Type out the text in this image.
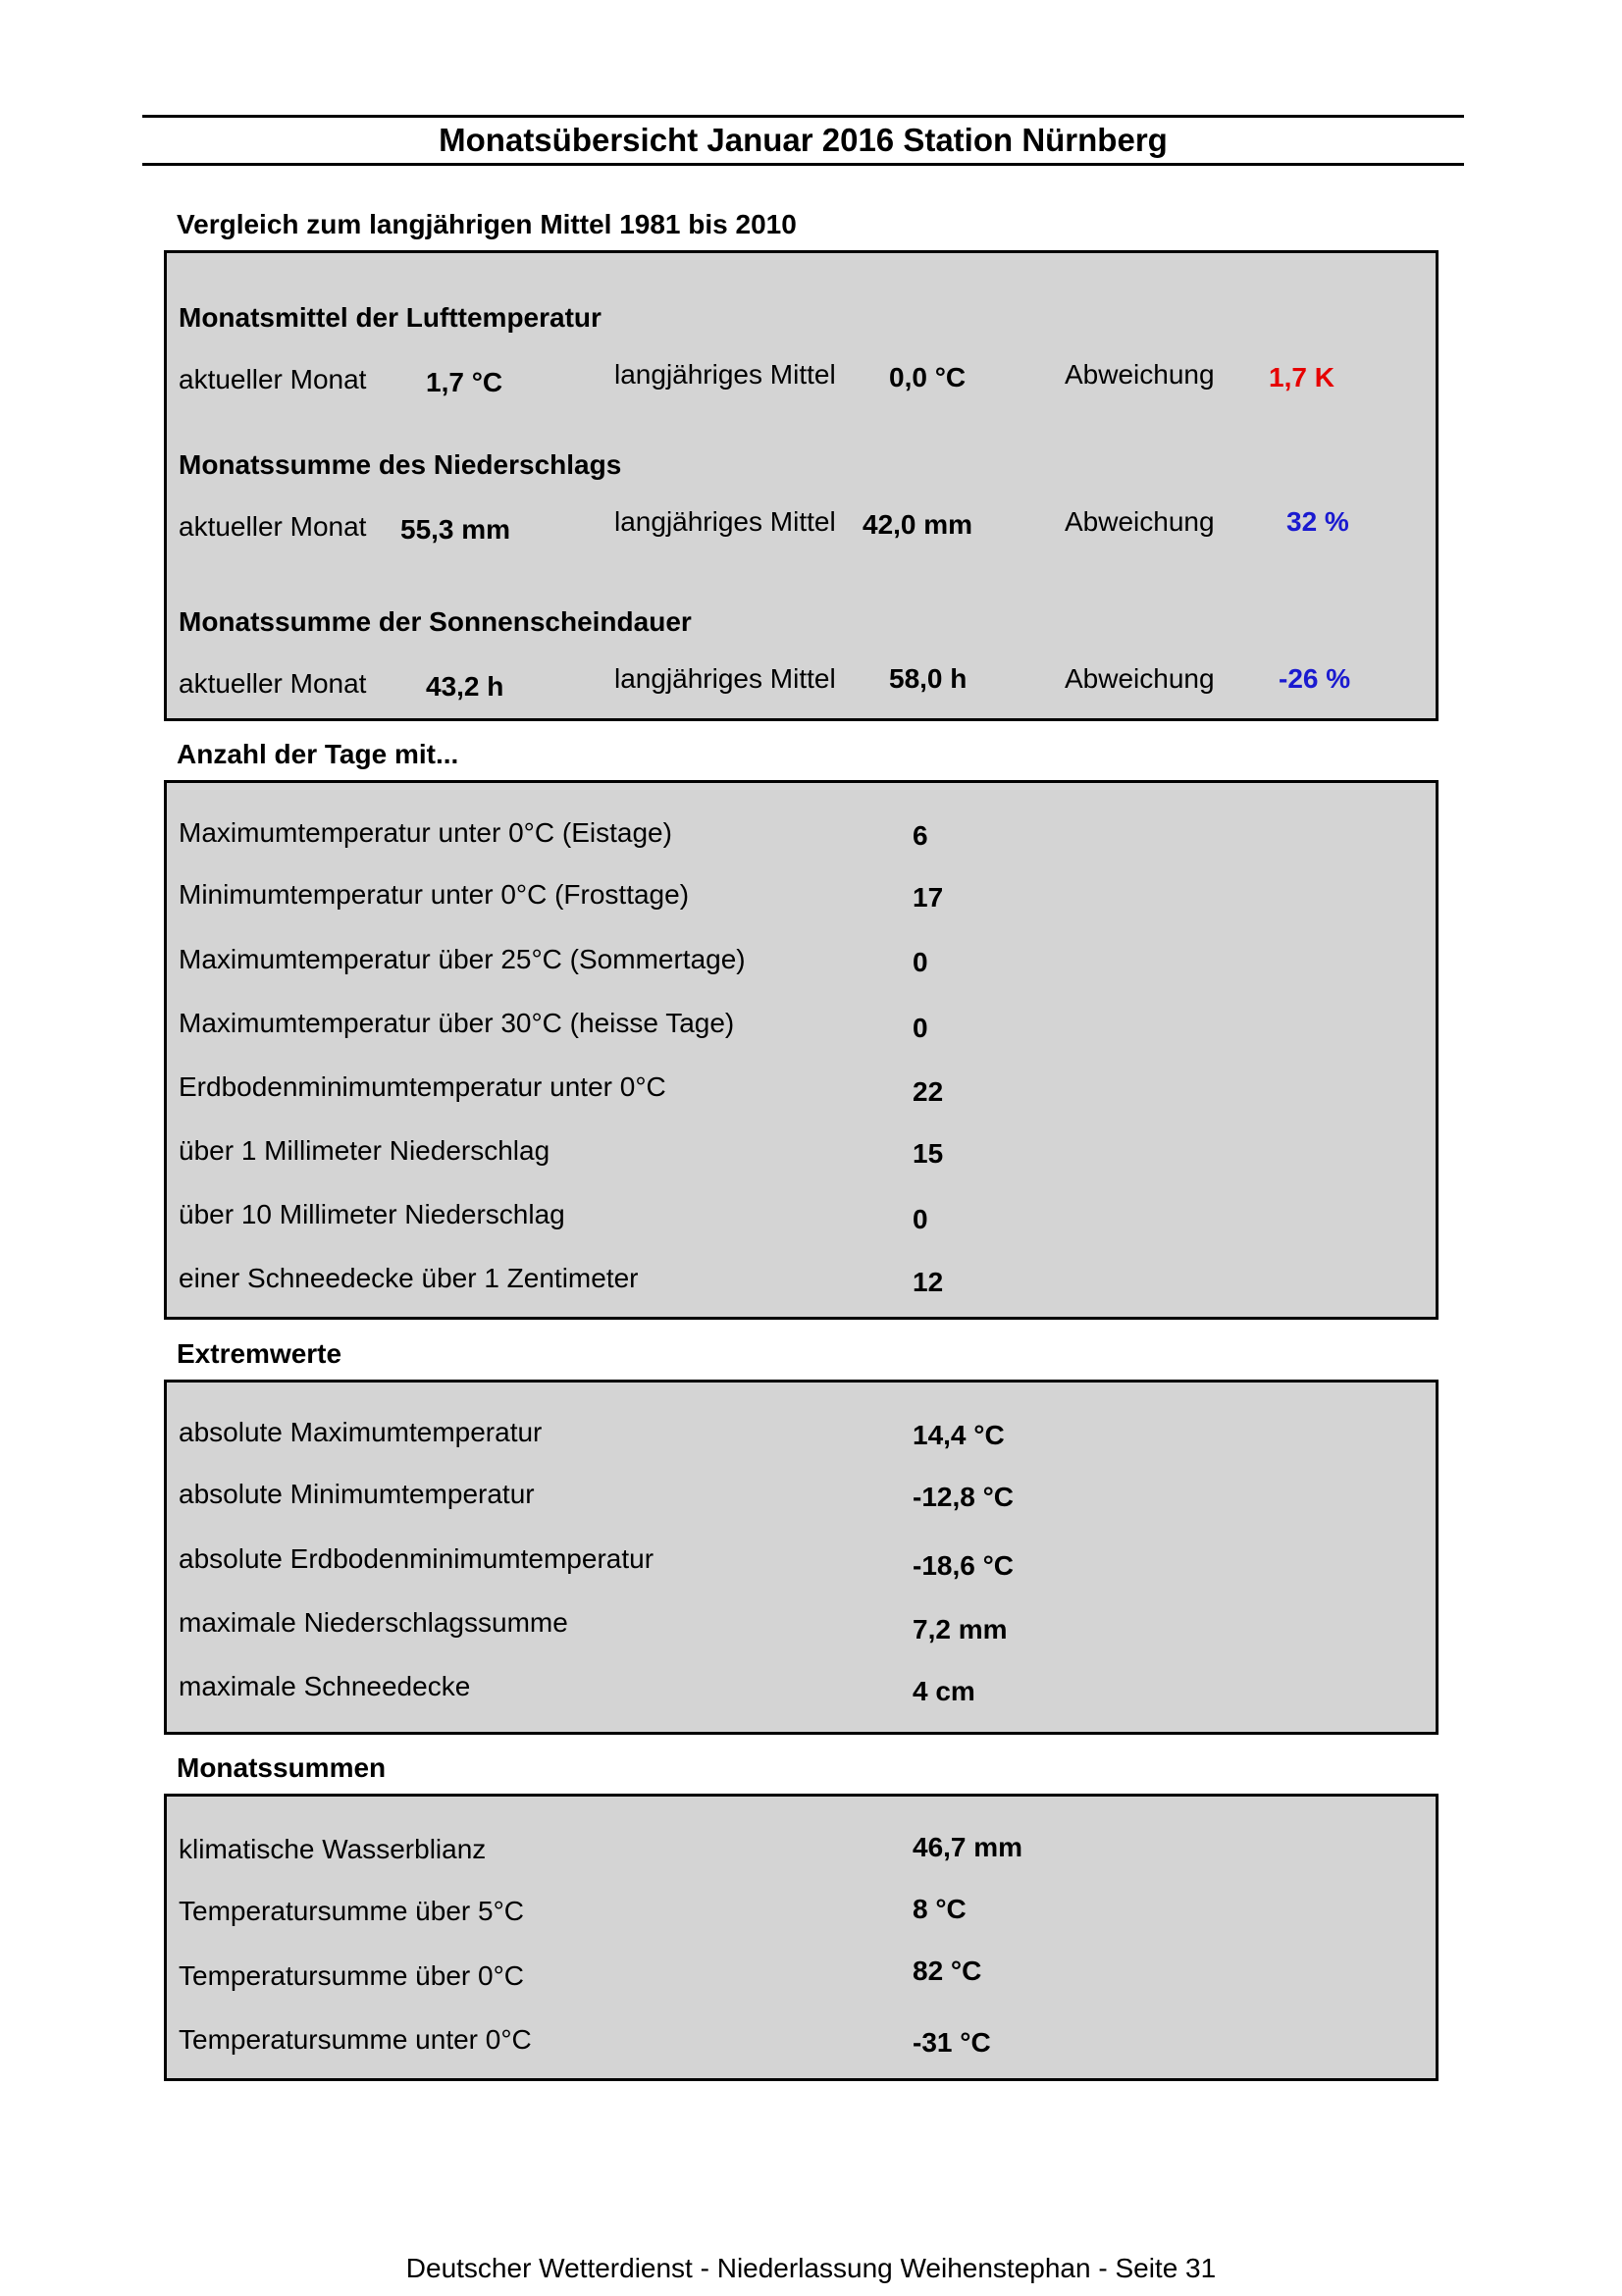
Monatsübersicht Januar 2016 Station Nürnberg
Vergleich zum langjährigen Mittel 1981 bis 2010
Monatsmittel der Lufttemperatur
aktueller Monat 1,7 °C	langjähriges Mittel 0,0 °C	Abweichung 1,7 K
Monatssumme des Niederschlags
aktueller Monat 55,3 mm	langjähriges Mittel 42,0 mm	Abweichung	32 %
Monatssumme der Sonnenscheindauer
aktueller Monat 43,2 h	langjähriges Mittel 58,0 h	Abweichung -26 %
Anzahl der Tage mit...
Maximumtemperatur unter 0°C (Eistage)	6
Minimumtemperatur unter 0°C (Frosttage)	17
Maximumtemperatur über 25°C (Sommertage)	0
Maximumtemperatur über 30°C (heisse Tage)	0
Erdbodenminimumtemperatur unter 0°C	22
über 1 Millimeter Niederschlag	15
über 10 Millimeter Niederschlag	0
einer Schneedecke über 1 Zentimeter	12
Extremwerte
absolute Maximumtemperatur	14,4 °C
absolute Minimumtemperatur	-12,8 °C
absolute Erdbodenminimumtemperatur	-18,6 °C
maximale Niederschlagssumme	7,2 mm
maximale Schneedecke	4 cm
Monatssummen
klimatische Wasserblianz	46,7 mm
Temperatursumme über 5°C	8 °C
Temperatursumme über 0°C	82 °C
Temperatursumme unter 0°C	-31 °C
Deutscher Wetterdienst - Niederlassung Weihenstephan - Seite 31
